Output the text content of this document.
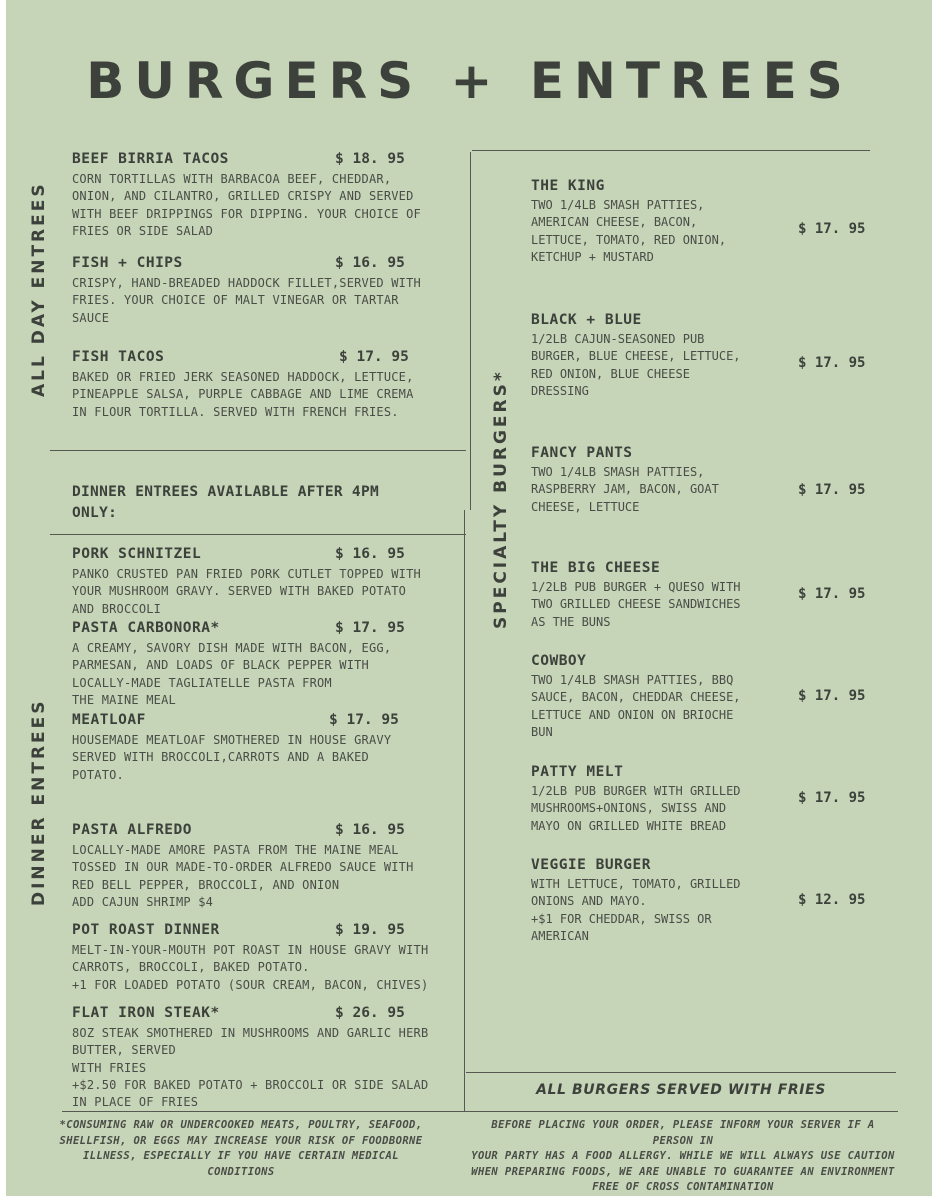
BURGERS + ENTREES
ALL DAY ENTREES
DINNER ENTREES
SPECIALTY BURGERS*
BEEF BIRRIA TACOS	$ 18. 95
CORN TORTILLAS WITH BARBACOA BEEF, CHEDDAR,
ONION, AND CILANTRO, GRILLED CRISPY AND SERVED
WITH BEEF DRIPPINGS FOR DIPPING. YOUR CHOICE OF
FRIES OR SIDE SALAD
FISH + CHIPS	$ 16. 95
CRISPY, HAND-BREADED HADDOCK FILLET,SERVED WITH
FRIES. YOUR CHOICE OF MALT VINEGAR OR TARTAR
SAUCE
FISH TACOS	$ 17. 95
BAKED OR FRIED JERK SEASONED HADDOCK, LETTUCE,
PINEAPPLE SALSA, PURPLE CABBAGE AND LIME CREMA
IN FLOUR TORTILLA. SERVED WITH FRENCH FRIES.
DINNER ENTREES AVAILABLE AFTER 4PM
ONLY:
PORK SCHNITZEL	$ 16. 95
PANKO CRUSTED PAN FRIED PORK CUTLET TOPPED WITH
YOUR MUSHROOM GRAVY. SERVED WITH BAKED POTATO
AND BROCCOLI
PASTA CARBONORA*	$ 17. 95
A CREAMY, SAVORY DISH MADE WITH BACON, EGG,
PARMESAN, AND LOADS OF BLACK PEPPER WITH
LOCALLY-MADE TAGLIATELLE PASTA FROM
THE MAINE MEAL
MEATLOAF	$ 17. 95
HOUSEMADE MEATLOAF SMOTHERED IN HOUSE GRAVY
SERVED WITH BROCCOLI,CARROTS AND A BAKED
POTATO.
PASTA ALFREDO	$ 16. 95
LOCALLY-MADE AMORE PASTA FROM THE MAINE MEAL
TOSSED IN OUR MADE-TO-ORDER ALFREDO SAUCE WITH
RED BELL PEPPER, BROCCOLI, AND ONION
ADD CAJUN SHRIMP $4
POT ROAST DINNER	$ 19. 95
MELT-IN-YOUR-MOUTH POT ROAST IN HOUSE GRAVY WITH
CARROTS, BROCCOLI, BAKED POTATO.
+1 FOR LOADED POTATO (SOUR CREAM, BACON, CHIVES)
FLAT IRON STEAK*	$ 26. 95
8OZ STEAK SMOTHERED IN MUSHROOMS AND GARLIC HERB
BUTTER, SERVED
WITH FRIES
+$2.50 FOR BAKED POTATO + BROCCOLI OR SIDE SALAD
IN PLACE OF FRIES
THE KING
TWO 1/4LB SMASH PATTIES,
AMERICAN CHEESE, BACON,
LETTUCE, TOMATO, RED ONION,
KETCHUP + MUSTARD
$ 17. 95
BLACK + BLUE
1/2LB CAJUN-SEASONED PUB
BURGER, BLUE CHEESE, LETTUCE,
RED ONION, BLUE CHEESE
DRESSING
$ 17. 95
FANCY PANTS
TWO 1/4LB SMASH PATTIES,
RASPBERRY JAM, BACON, GOAT
CHEESE, LETTUCE
$ 17. 95
THE BIG CHEESE
1/2LB PUB BURGER + QUESO WITH
TWO GRILLED CHEESE SANDWICHES
AS THE BUNS
$ 17. 95
COWBOY
TWO 1/4LB SMASH PATTIES, BBQ
SAUCE, BACON, CHEDDAR CHEESE,
LETTUCE AND ONION ON BRIOCHE
BUN
$ 17. 95
PATTY MELT
1/2LB PUB BURGER WITH GRILLED
MUSHROOMS+ONIONS, SWISS AND
MAYO ON GRILLED WHITE BREAD
$ 17. 95
VEGGIE BURGER
WITH LETTUCE, TOMATO, GRILLED
ONIONS AND MAYO.
+$1 FOR CHEDDAR, SWISS OR
AMERICAN
$ 12. 95
ALL BURGERS SERVED WITH FRIES
*CONSUMING RAW OR UNDERCOOKED MEATS, POULTRY, SEAFOOD,
SHELLFISH, OR EGGS MAY INCREASE YOUR RISK OF FOODBORNE
ILLNESS, ESPECIALLY IF YOU HAVE CERTAIN MEDICAL CONDITIONS
BEFORE PLACING YOUR ORDER, PLEASE INFORM YOUR SERVER IF A PERSON IN
YOUR PARTY HAS A FOOD ALLERGY. WHILE WE WILL ALWAYS USE CAUTION
WHEN PREPARING FOODS, WE ARE UNABLE TO GUARANTEE AN ENVIRONMENT
FREE OF CROSS CONTAMINATION
